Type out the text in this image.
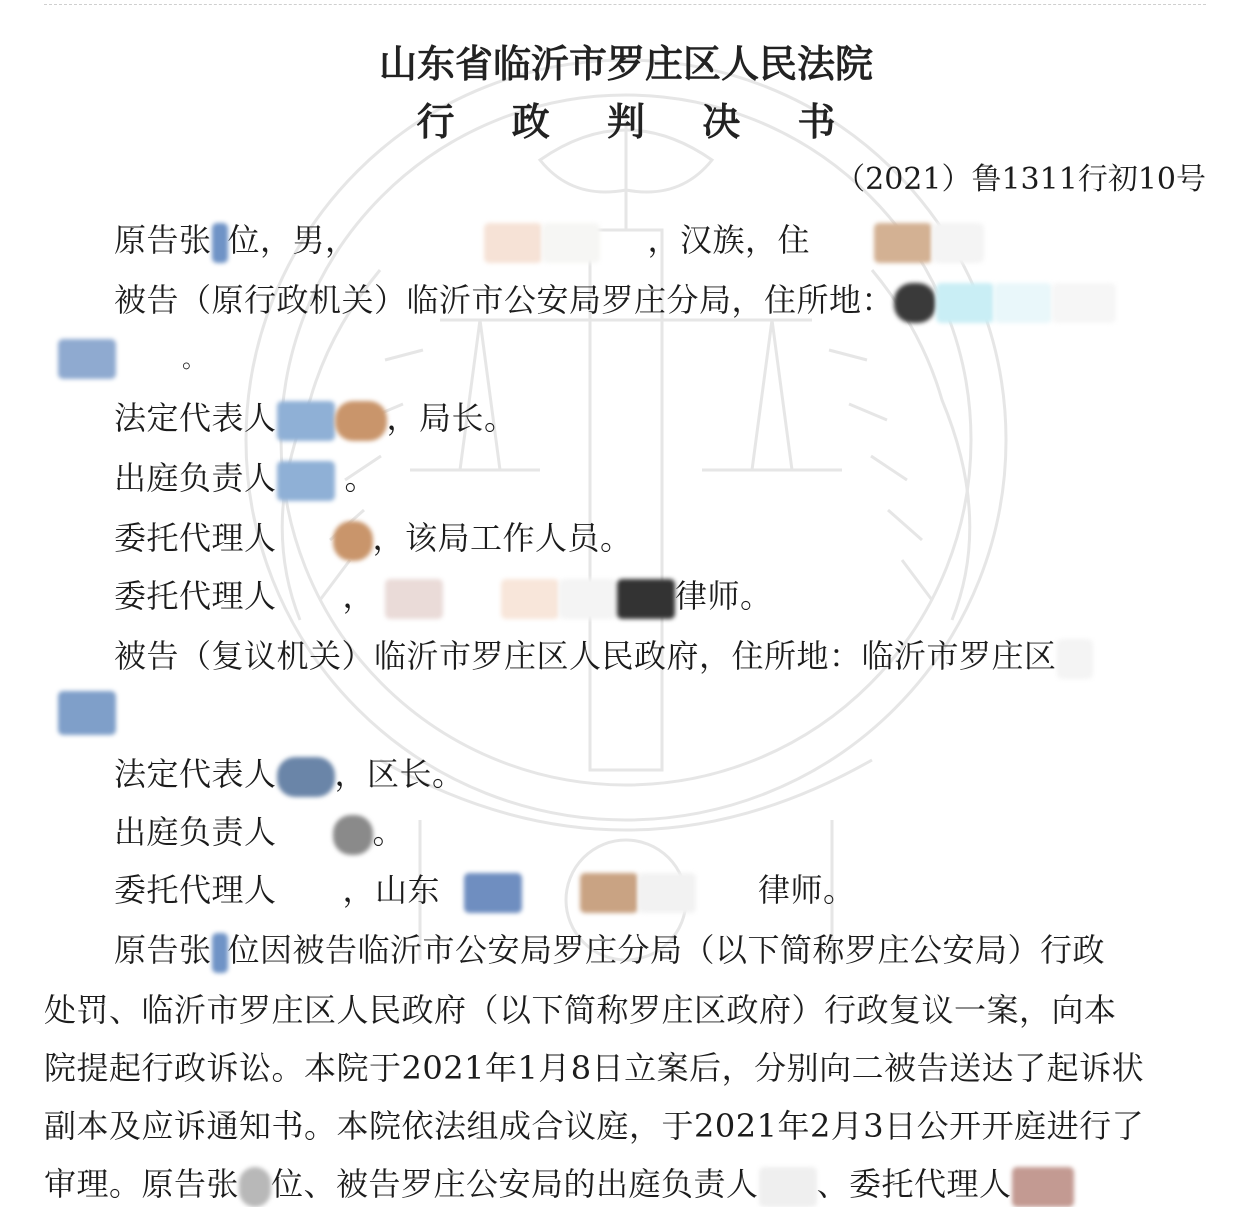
山东省临沂市罗庄区人民法院
行 政 判 决 书
（2021）鲁1311行初10号
原告张 位，男，	，汉族，住
被告（原行政机关）临沂市公安局罗庄分局，住所地：
。
法定代表人	，局长。
出庭负责人 。
委托代理人	，该局工作人员。
委托代理人 ，	律师。
被告（复议机关）临沂市罗庄区人民政府，住所地：临沂市罗庄区
法定代表人 ，区长。
出庭负责人	。
委托代理人 ，山东	律师。
原告张 位因被告临沂市公安局罗庄分局（以下简称罗庄公安局）行政
处罚、临沂市罗庄区人民政府（以下简称罗庄区政府）行政复议一案，向本
院提起行政诉讼。本院于2021年1月8日立案后，分别向二被告送达了起诉状
副本及应诉通知书。本院依法组成合议庭，于2021年2月3日公开开庭进行了
审理。原告张 位、被告罗庄公安局的出庭负责人 、委托代理人
